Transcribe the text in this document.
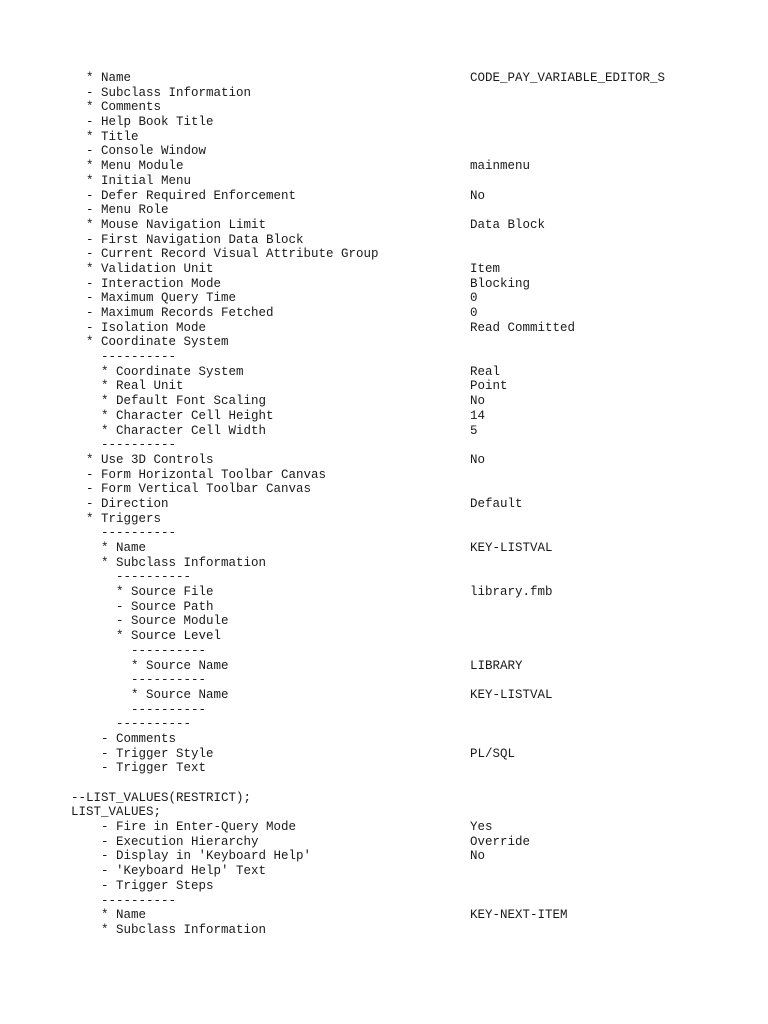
* Name	CODE_PAY_VARIABLE_EDITOR_S
- Subclass Information
* Comments
- Help Book Title
* Title
- Console Window
* Menu Module	mainmenu
* Initial Menu
- Defer Required Enforcement	No
- Menu Role
* Mouse Navigation Limit	Data Block
- First Navigation Data Block
- Current Record Visual Attribute Group
* Validation Unit	Item
- Interaction Mode	Blocking
- Maximum Query Time	0
- Maximum Records Fetched	0
- Isolation Mode	Read Committed
* Coordinate System
----------
* Coordinate System	Real
* Real Unit	Point
* Default Font Scaling	No
* Character Cell Height	14
* Character Cell Width	5
----------
* Use 3D Controls	No
- Form Horizontal Toolbar Canvas
- Form Vertical Toolbar Canvas
- Direction	Default
* Triggers
----------
* Name	KEY-LISTVAL
* Subclass Information
----------
* Source File	library.fmb
- Source Path
- Source Module
* Source Level
----------
* Source Name	LIBRARY
----------
* Source Name	KEY-LISTVAL
----------
----------
- Comments
- Trigger Style	PL/SQL
- Trigger Text
--LIST_VALUES(RESTRICT);
LIST_VALUES;
- Fire in Enter-Query Mode	Yes
- Execution Hierarchy	Override
- Display in 'Keyboard Help'	No
- 'Keyboard Help' Text
- Trigger Steps
----------
* Name	KEY-NEXT-ITEM
* Subclass Information
